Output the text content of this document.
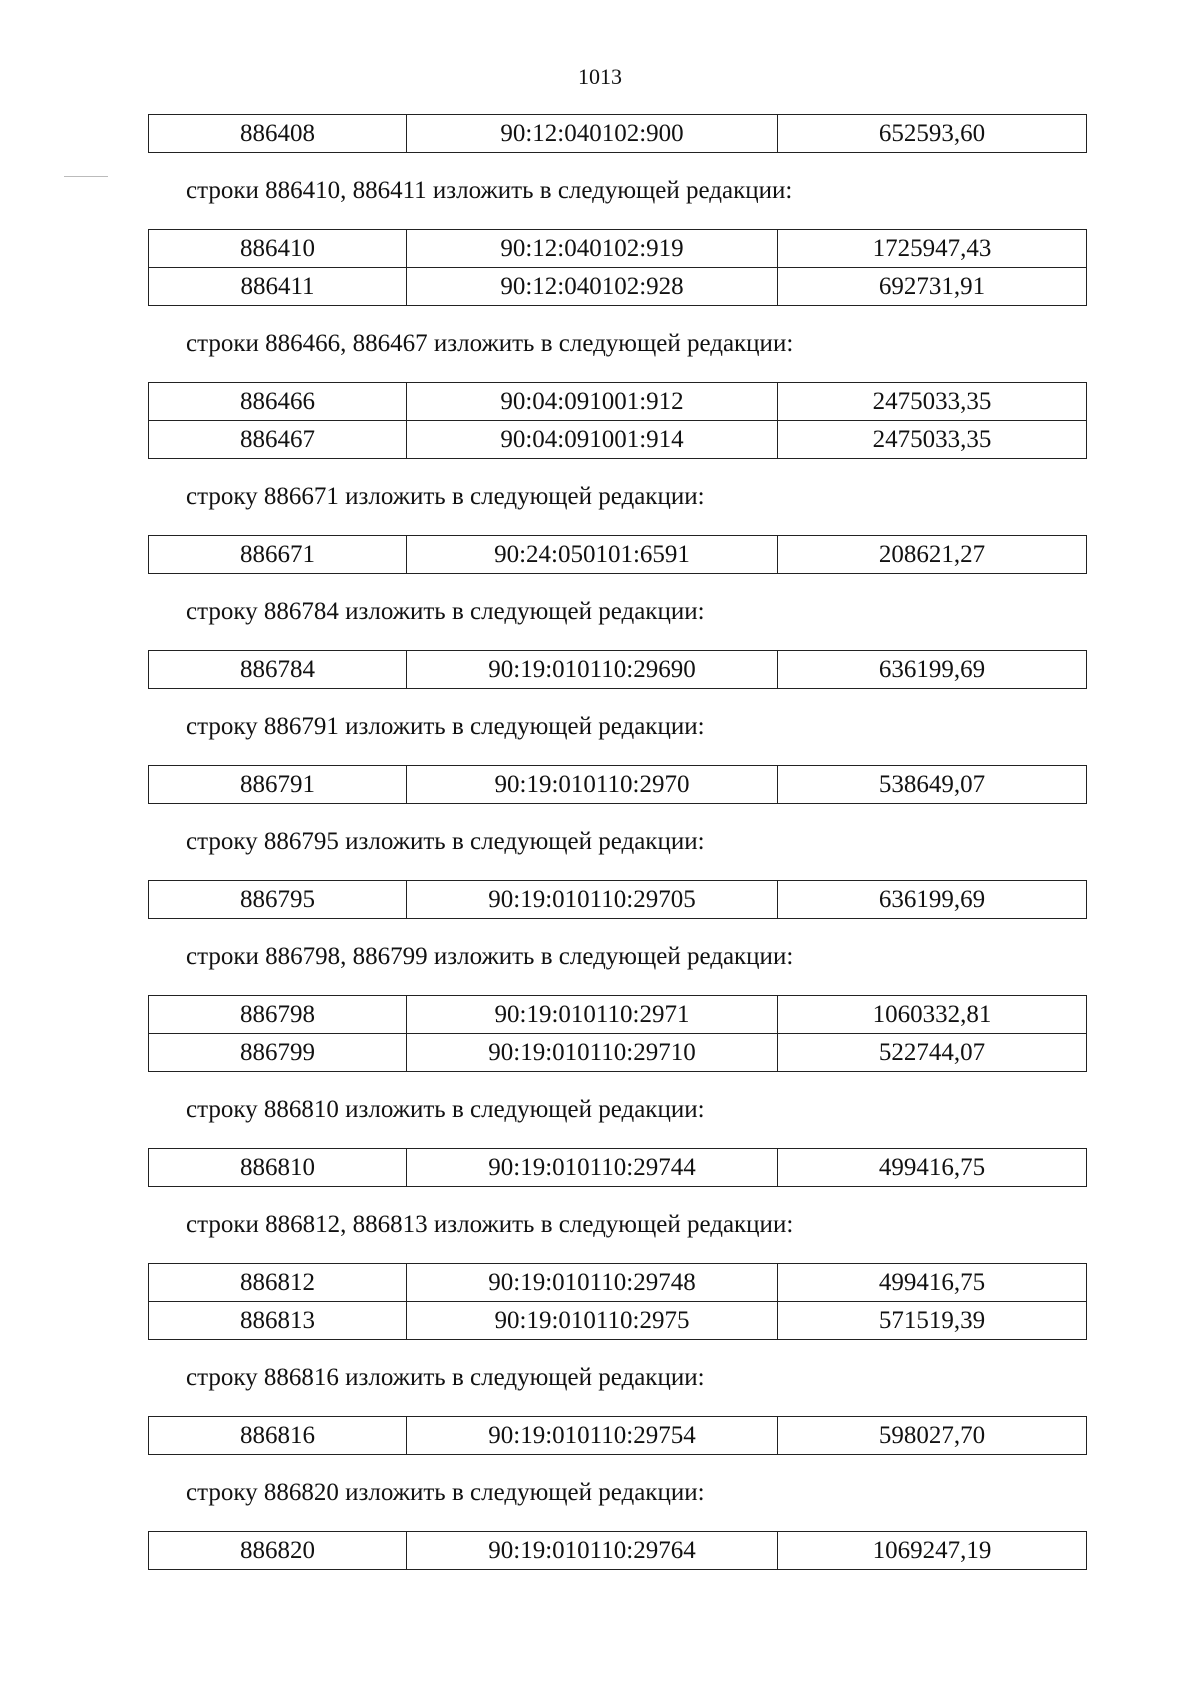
1013
886408	90:12:040102:900	652593,60

строки 886410, 886411 изложить в следующей редакции:

886410	90:12:040102:919	1725947,43
886411	90:12:040102:928	692731,91

строки 886466, 886467 изложить в следующей редакции:

886466	90:04:091001:912	2475033,35
886467	90:04:091001:914	2475033,35

строку 886671 изложить в следующей редакции:

886671	90:24:050101:6591	208621,27

строку 886784 изложить в следующей редакции:

886784	90:19:010110:29690	636199,69

строку 886791 изложить в следующей редакции:

886791	90:19:010110:2970	538649,07

строку 886795 изложить в следующей редакции:

886795	90:19:010110:29705	636199,69

строки 886798, 886799 изложить в следующей редакции:

886798	90:19:010110:2971	1060332,81
886799	90:19:010110:29710	522744,07

строку 886810 изложить в следующей редакции:

886810	90:19:010110:29744	499416,75

строки 886812, 886813 изложить в следующей редакции:

886812	90:19:010110:29748	499416,75
886813	90:19:010110:2975	571519,39

строку 886816 изложить в следующей редакции:

886816	90:19:010110:29754	598027,70

строку 886820 изложить в следующей редакции:

886820	90:19:010110:29764	1069247,19
